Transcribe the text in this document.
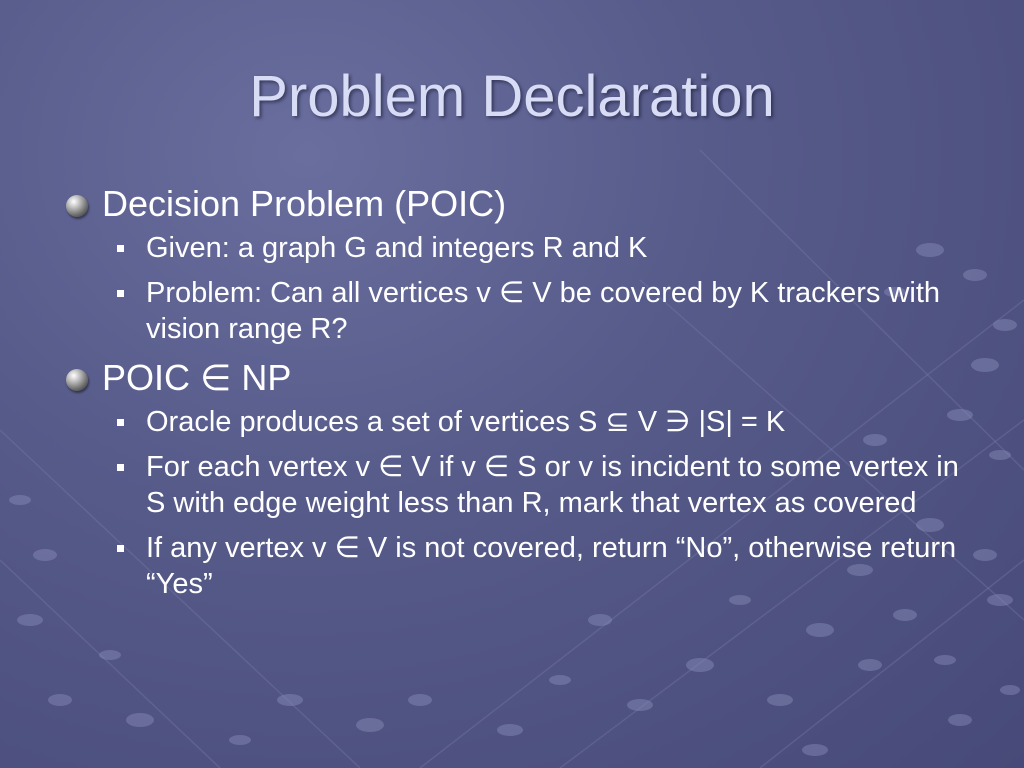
Problem Declaration
Decision Problem (POIC)
Given: a graph G and integers R and K
Problem: Can all vertices v ∈ V be covered by K trackers with vision range R?
POIC ∈ NP
Oracle produces a set of vertices S ⊆ V ∋ |S| = K
For each vertex v ∈ V if v ∈ S or v is incident to some vertex in S with edge weight less than R, mark that vertex as covered
If any vertex v ∈ V is not covered, return “No”, otherwise return “Yes”
